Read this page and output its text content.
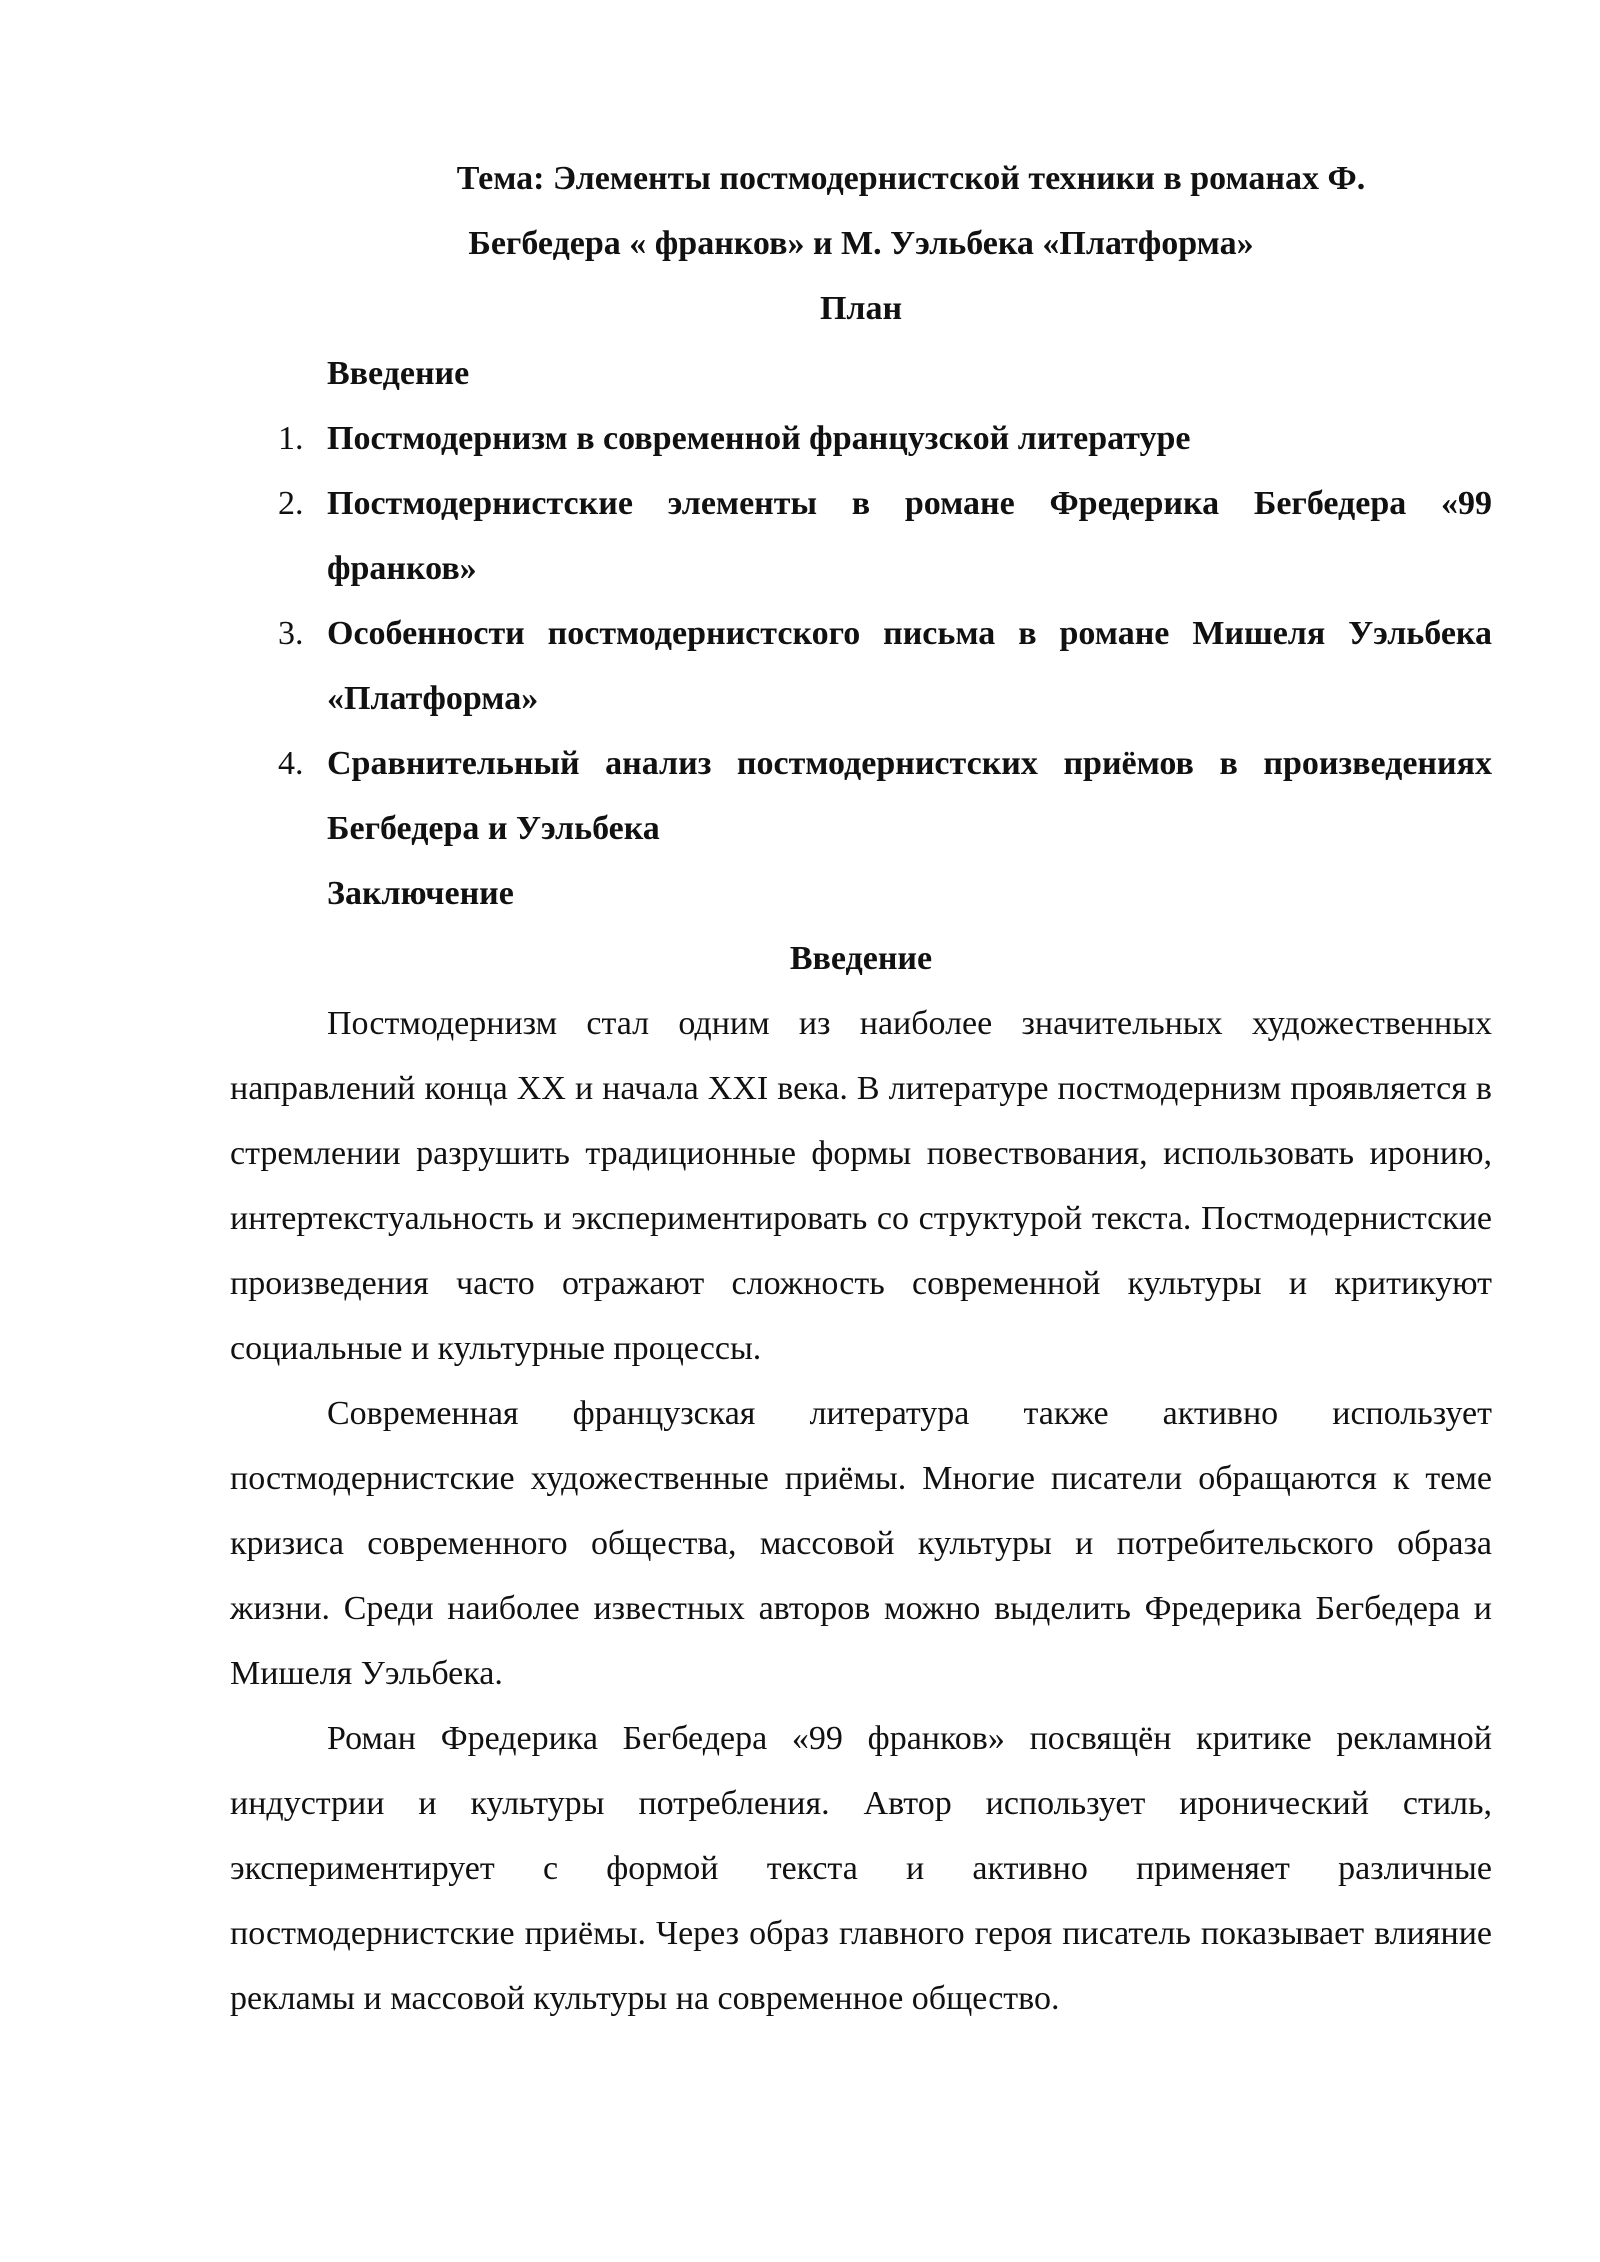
Тема: Элементы постмодернистской техники в романах Ф.
Бегбедера « франков» и М. Уэльбека «Платформа»
План
Введение
1. Постмодернизм в современной французской литературе
2. Постмодернистские элементы в романе Фредерика Бегбедера «99 франков»
3. Особенности постмодернистского письма в романе Мишеля Уэльбека «Платформа»
4. Сравнительный анализ постмодернистских приёмов в произведениях Бегбедера и Уэльбека
Заключение
Введение

Постмодернизм стал одним из наиболее значительных художественных направлений конца XX и начала XXI века. В литературе постмодернизм проявляется в стремлении разрушить традиционные формы повествования, использовать иронию, интертекстуальность и экспериментировать со структурой текста. Постмодернистские произведения часто отражают сложность современной культуры и критикуют социальные и культурные процессы.

Современная французская литература также активно использует постмодернистские художественные приёмы. Многие писатели обращаются к теме кризиса современного общества, массовой культуры и потребительского образа жизни. Среди наиболее известных авторов можно выделить Фредерика Бегбедера и Мишеля Уэльбека.

Роман Фредерика Бегбедера «99 франков» посвящён критике рекламной индустрии и культуры потребления. Автор использует иронический стиль, экспериментирует с формой текста и активно применяет различные постмодернистские приёмы. Через образ главного героя писатель показывает влияние рекламы и массовой культуры на современное общество.
